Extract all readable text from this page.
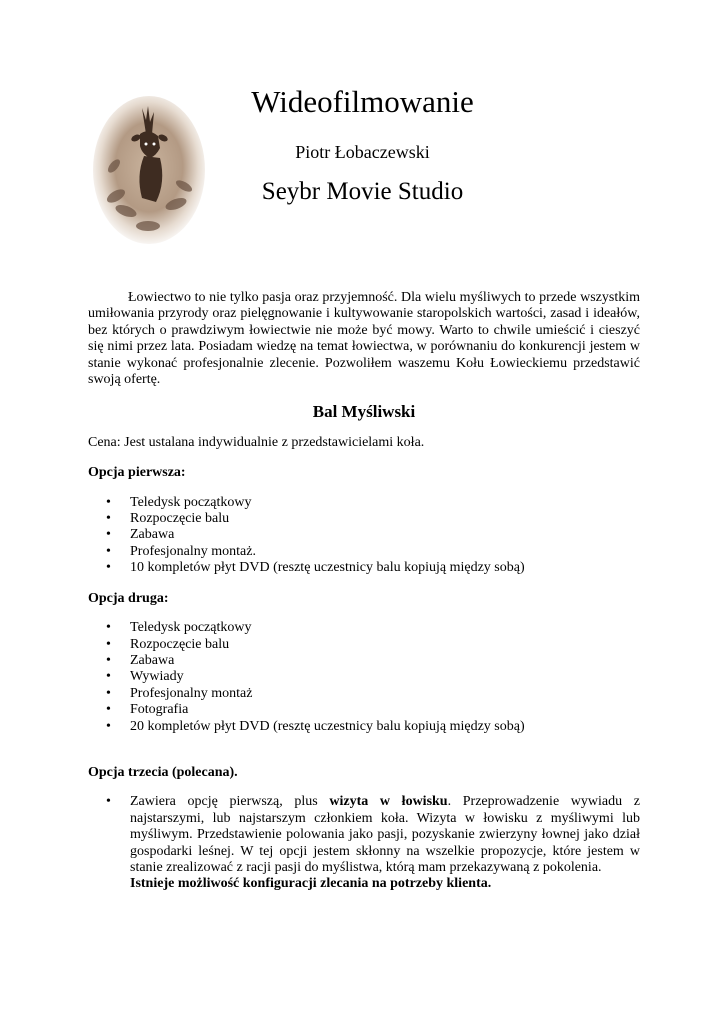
Wideofilmowanie
Piotr Łobaczewski
Seybr Movie Studio

Łowiectwo to nie tylko pasja oraz przyjemność. Dla wielu myśliwych to przede wszystkim umiłowania przyrody oraz pielęgnowanie i kultywowanie staropolskich wartości, zasad i ideałów, bez których o prawdziwym łowiectwie nie może być mowy. Warto to chwile umieścić i cieszyć się nimi przez lata. Posiadam wiedzę na temat łowiectwa, w porównaniu do konkurencji jestem w stanie wykonać profesjonalnie zlecenie. Pozwoliłem waszemu Kołu Łowieckiemu przedstawić swoją ofertę.

Bal Myśliwski

Cena: Jest ustalana indywidualnie z przedstawicielami koła.

Opcja pierwsza:

• Teledysk początkowy
• Rozpoczęcie balu
• Zabawa
• Profesjonalny montaż.
• 10 kompletów płyt DVD (resztę uczestnicy balu kopiują między sobą)

Opcja druga:

• Teledysk początkowy
• Rozpoczęcie balu
• Zabawa
• Wywiady
• Profesjonalny montaż
• Fotografia
• 20 kompletów płyt DVD (resztę uczestnicy balu kopiują między sobą)

Opcja trzecia (polecana).

• Zawiera opcję pierwszą, plus wizyta w łowisku. Przeprowadzenie wywiadu z najstarszymi, lub najstarszym członkiem koła. Wizyta w łowisku z myśliwymi lub myśliwym. Przedstawienie polowania jako pasji, pozyskanie zwierzyny łownej jako dział gospodarki leśnej. W tej opcji jestem skłonny na wszelkie propozycje, które jestem w stanie zrealizować z racji pasji do myślistwa, którą mam przekazywaną z pokolenia.
Istnieje możliwość konfiguracji zlecania na potrzeby klienta.
